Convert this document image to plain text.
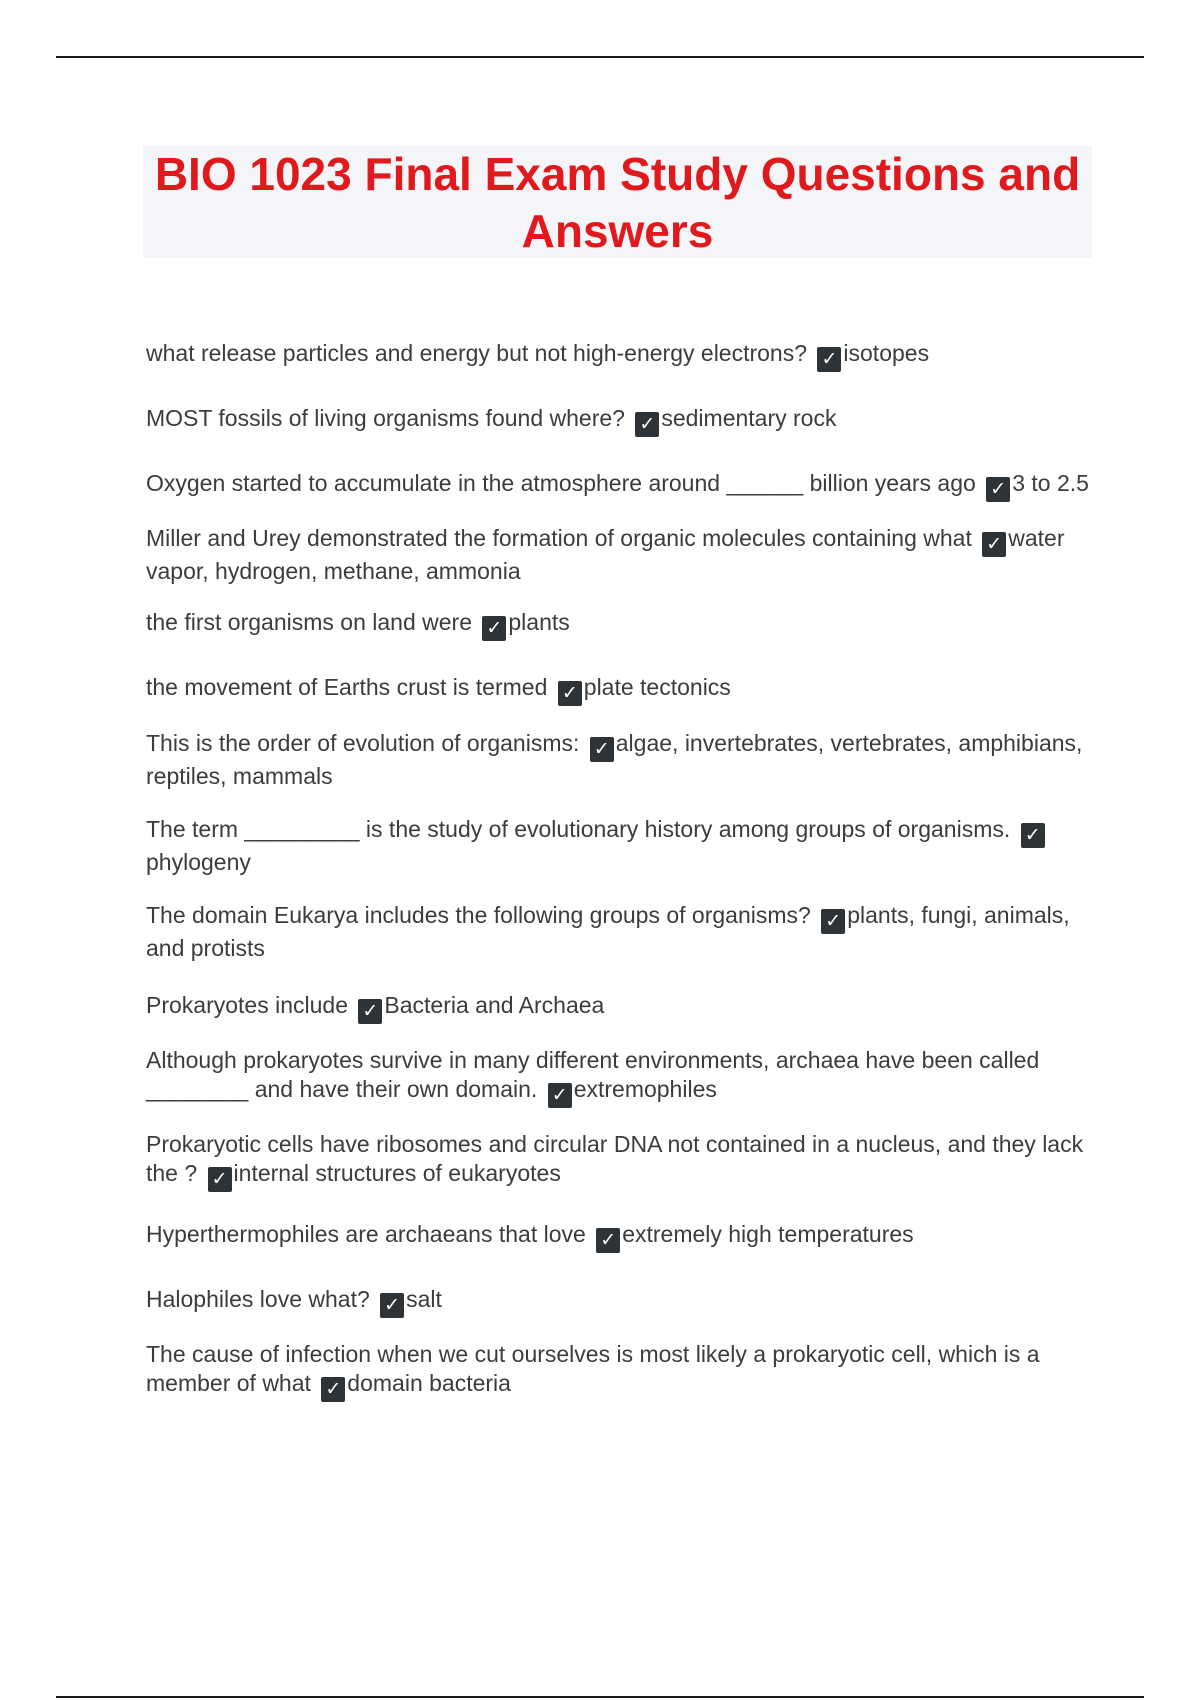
BIO 1023 Final Exam Study Questions and Answers

what release particles and energy but not high-energy electrons? ✓ isotopes

MOST fossils of living organisms found where? ✓ sedimentary rock

Oxygen started to accumulate in the atmosphere around ______ billion years ago ✓ 3 to 2.5

Miller and Urey demonstrated the formation of organic molecules containing what ✓ water vapor, hydrogen, methane, ammonia

the first organisms on land were ✓ plants

the movement of Earths crust is termed ✓ plate tectonics

This is the order of evolution of organisms: ✓ algae, invertebrates, vertebrates, amphibians, reptiles, mammals

The term _________ is the study of evolutionary history among groups of organisms. ✓phylogeny

The domain Eukarya includes the following groups of organisms? ✓ plants, fungi, animals, and protists

Prokaryotes include ✓ Bacteria and Archaea

Although prokaryotes survive in many different environments, archaea have been called ________ and have their own domain. ✓ extremophiles

Prokaryotic cells have ribosomes and circular DNA not contained in a nucleus, and they lack the ? ✓ internal structures of eukaryotes

Hyperthermophiles are archaeans that love ✓ extremely high temperatures

Halophiles love what? ✓ salt

The cause of infection when we cut ourselves is most likely a prokaryotic cell, which is a member of what ✓ domain bacteria
